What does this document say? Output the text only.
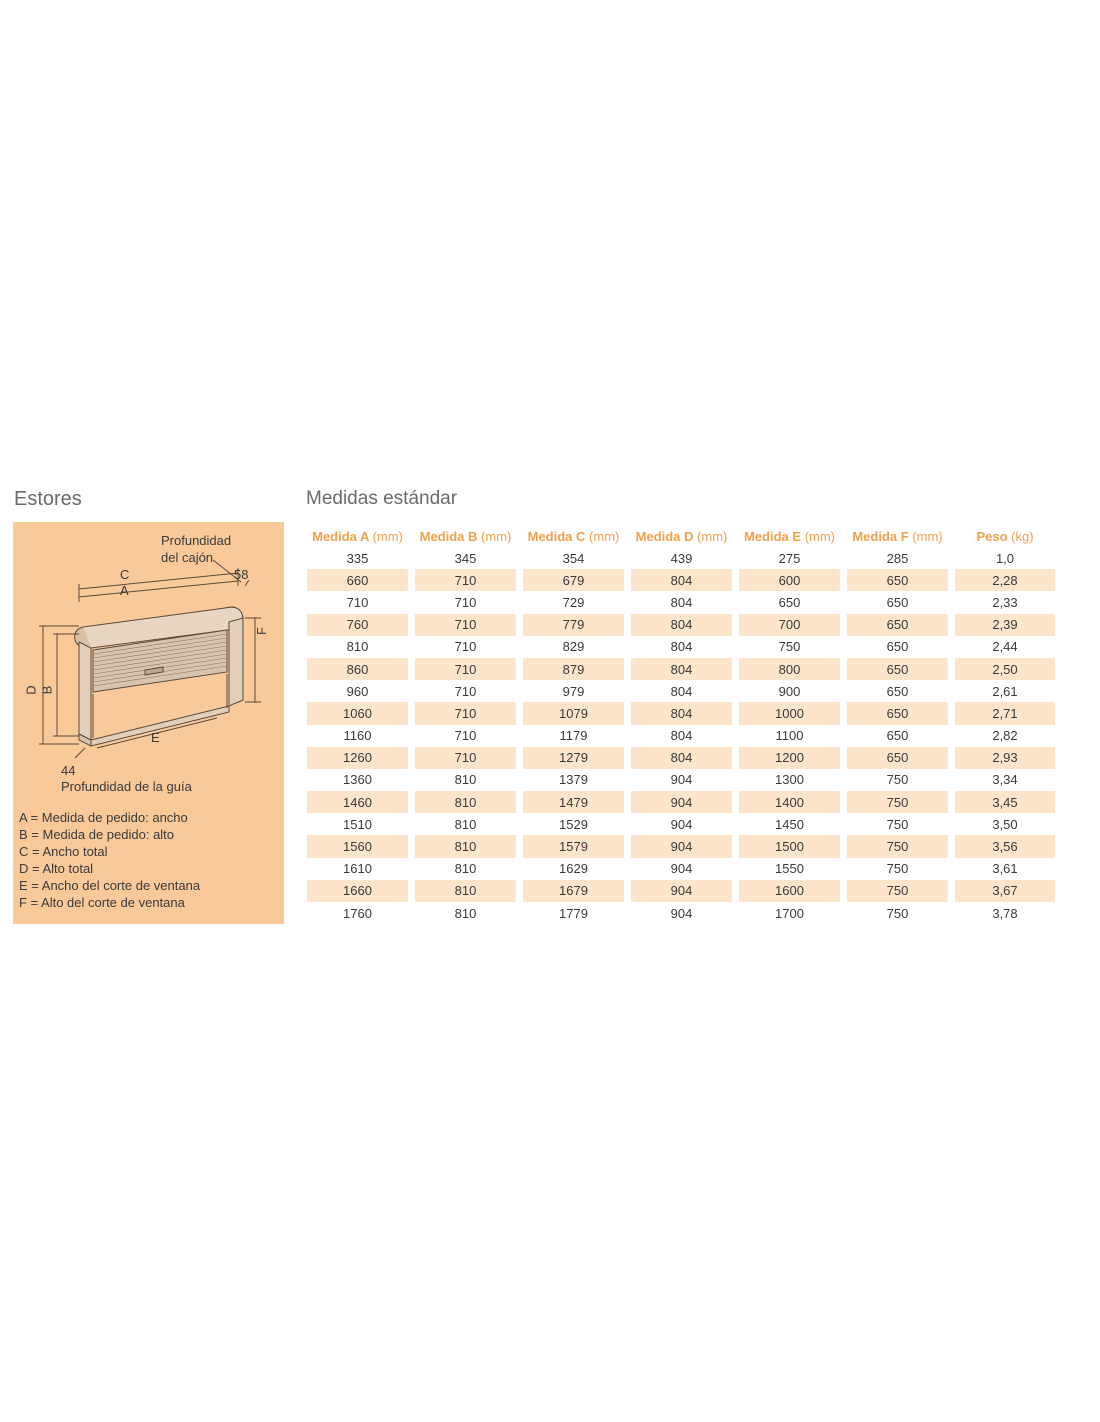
Estores	Medidas estándar
Profundidad
del cajón
58
C
A
F
D B
E
44
Profundidad de la guía
A = Medida de pedido: ancho
B = Medida de pedido: alto
C = Ancho total
D = Alto total
E = Ancho del corte de ventana
F = Alto del corte de ventana
Medida A (mm)	Medida B (mm)	Medida C (mm)	Medida D (mm)	Medida E (mm)	Medida F (mm)	Peso (kg)
335	345	354	439	275	285	1,0
660	710	679	804	600	650	2,28
710	710	729	804	650	650	2,33
760	710	779	804	700	650	2,39
810	710	829	804	750	650	2,44
860	710	879	804	800	650	2,50
960	710	979	804	900	650	2,61
1060	710	1079	804	1000	650	2,71
1160	710	1179	804	1100	650	2,82
1260	710	1279	804	1200	650	2,93
1360	810	1379	904	1300	750	3,34
1460	810	1479	904	1400	750	3,45
1510	810	1529	904	1450	750	3,50
1560	810	1579	904	1500	750	3,56
1610	810	1629	904	1550	750	3,61
1660	810	1679	904	1600	750	3,67
1760	810	1779	904	1700	750	3,78
